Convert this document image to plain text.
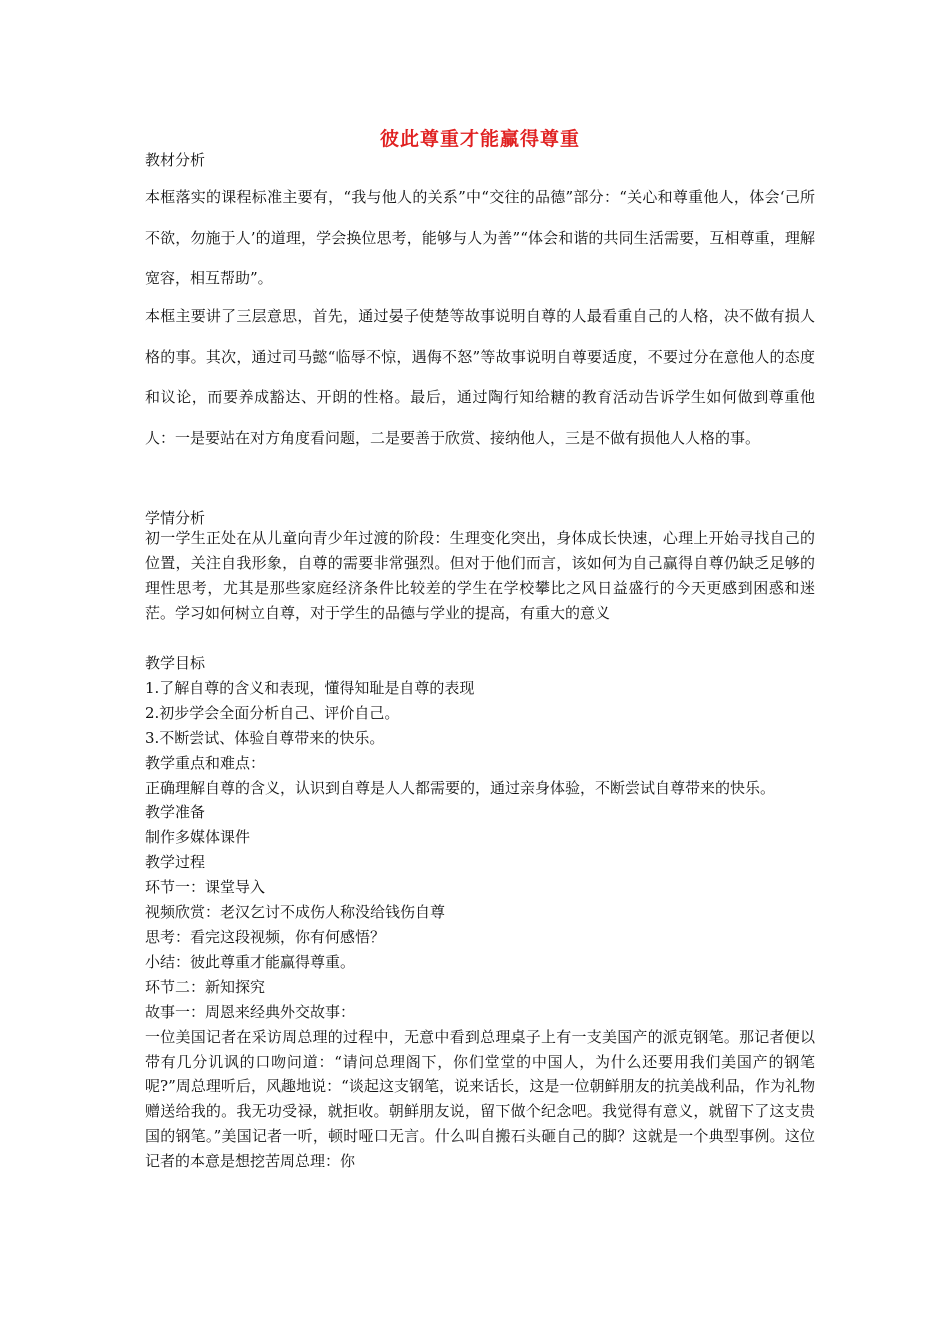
彼此尊重才能赢得尊重
教材分析

本框落实的课程标准主要有，“我与他人的关系”中“交往的品德”部分：“关心和尊重他人，体会‘己所不欲，勿施于人’的道理，学会换位思考，能够与人为善”“体会和谐的共同生活需要，互相尊重，理解宽容，相互帮助”。

本框主要讲了三层意思，首先，通过晏子使楚等故事说明自尊的人最看重自己的人格，决不做有损人格的事。其次，通过司马懿“临辱不惊，遇侮不怒”等故事说明自尊要适度，不要过分在意他人的态度和议论，而要养成豁达、开朗的性格。最后，通过陶行知给糖的教育活动告诉学生如何做到尊重他人：一是要站在对方角度看问题，二是要善于欣赏、接纳他人，三是不做有损他人人格的事。

学情分析

初一学生正处在从儿童向青少年过渡的阶段：生理变化突出，身体成长快速，心理上开始寻找自己的位置，关注自我形象，自尊的需要非常强烈。但对于他们而言，该如何为自己赢得自尊仍缺乏足够的理性思考，尤其是那些家庭经济条件比较差的学生在学校攀比之风日益盛行的今天更感到困惑和迷茫。学习如何树立自尊，对于学生的品德与学业的提高，有重大的意义

教学目标
1.了解自尊的含义和表现，懂得知耻是自尊的表现
2.初步学会全面分析自己、评价自己。
3.不断尝试、体验自尊带来的快乐。
教学重点和难点：

正确理解自尊的含义，认识到自尊是人人都需要的，通过亲身体验，不断尝试自尊带来的快乐。

教学准备
制作多媒体课件
教学过程
环节一：课堂导入
视频欣赏：老汉乞讨不成伤人称没给钱伤自尊
思考：看完这段视频，你有何感悟？
小结：彼此尊重才能赢得尊重。
环节二：新知探究
故事一：周恩来经典外交故事：

一位美国记者在采访周总理的过程中，无意中看到总理桌子上有一支美国产的派克钢笔。那记者便以带有几分讥讽的口吻问道：“请问总理阁下，你们堂堂的中国人，为什么还要用我们美国产的钢笔呢?”周总理听后，风趣地说：“谈起这支钢笔，说来话长，这是一位朝鲜朋友的抗美战利品，作为礼物赠送给我的。我无功受禄，就拒收。朝鲜朋友说，留下做个纪念吧。我觉得有意义，就留下了这支贵国的钢笔。”美国记者一听，顿时哑口无言。什么叫自搬石头砸自己的脚？这就是一个典型事例。这位记者的本意是想挖苦周总理：你
